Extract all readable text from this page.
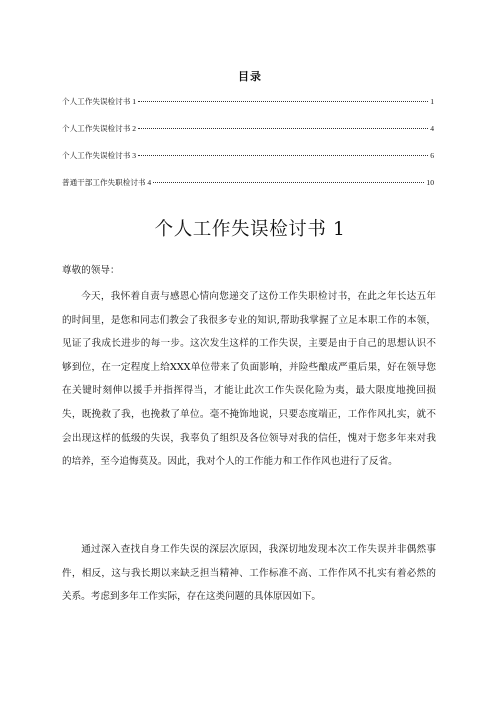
目录
个人工作失误检讨书 1	1
个人工作失误检讨书 2	4
个人工作失误检讨书 3	6
普通干部工作失职检讨书 4	10
个人工作失误检讨书 1
尊敬的领导：

今天，我怀着自责与感恩心情向您递交了这份工作失职检讨书，在此之年长达五年的时间里，是您和同志们教会了我很多专业的知识,帮助我掌握了立足本职工作的本领，见证了我成长进步的每一步。这次发生这样的工作失误，主要是由于自己的思想认识不够到位，在一定程度上给XXX单位带来了负面影响，并险些酿成严重后果，好在领导您在关键时刻伸以援手并指挥得当，才能让此次工作失误化险为夷，最大限度地挽回损失，既挽救了我，也挽救了单位。毫不掩饰地说，只要态度端正，工作作风扎实，就不会出现这样的低级的失误，我辜负了组织及各位领导对我的信任，愧对于您多年来对我的培养，至今追悔莫及。因此，我对个人的工作能力和工作作风也进行了反省。

通过深入查找自身工作失误的深层次原因，我深切地发现本次工作失误并非偶然事件，相反，这与我长期以来缺乏担当精神、工作标准不高、工作作风不扎实有着必然的关系。考虑到多年工作实际，存在这类问题的具体原因如下。
